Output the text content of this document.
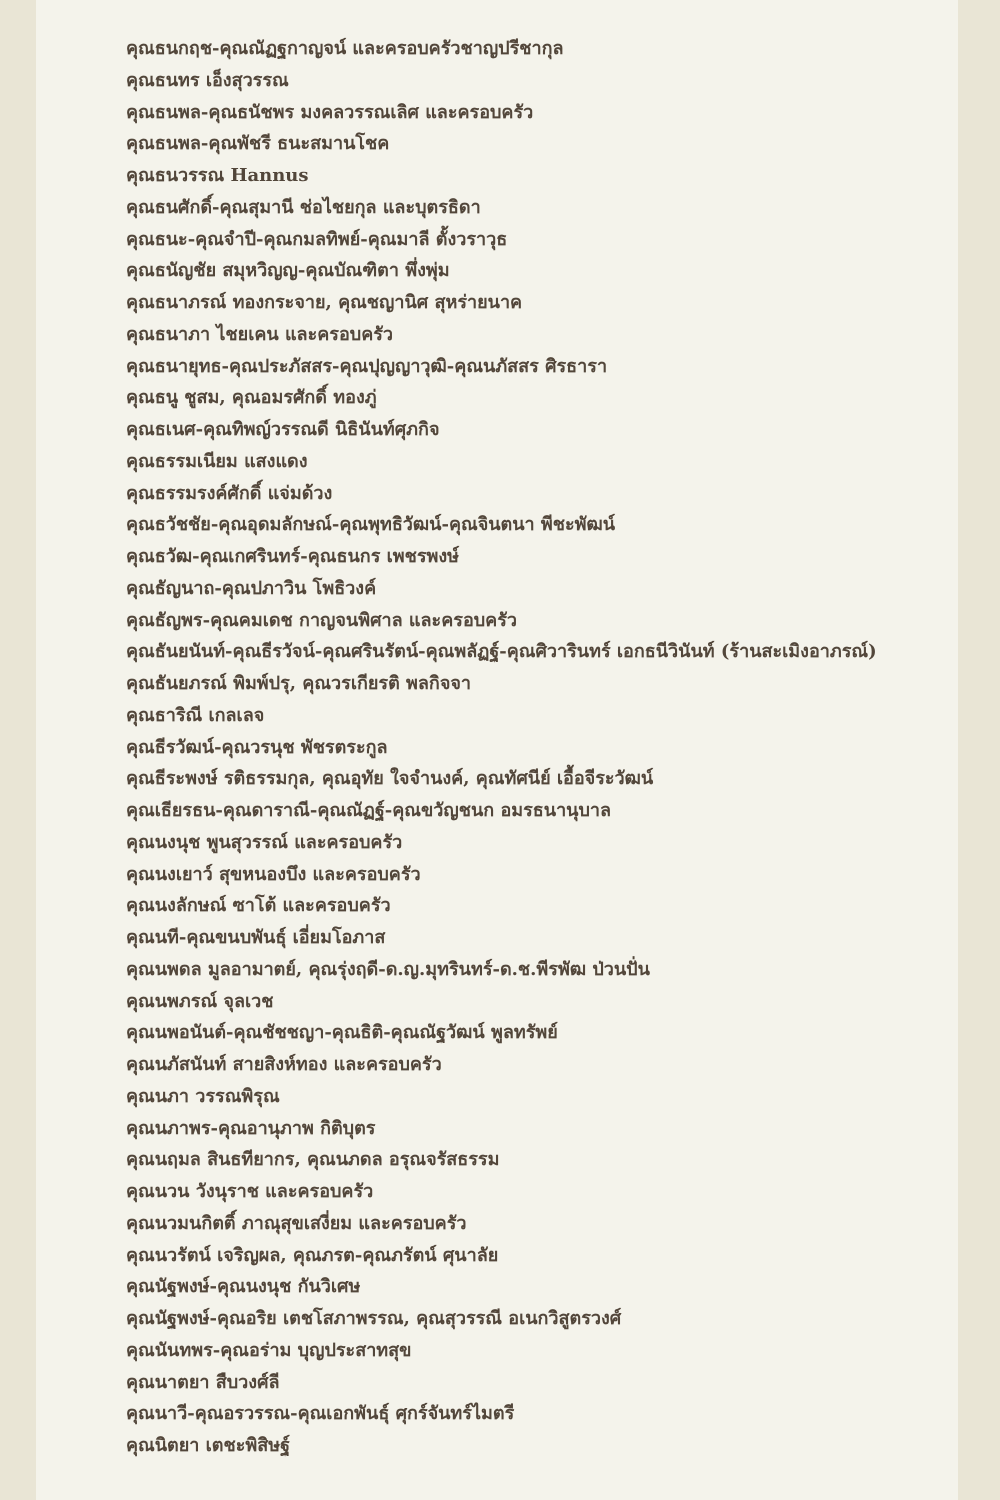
คุณธนกฤช-คุณณัฏฐกาญจน์ และครอบครัวชาญปรีชากุล
คุณธนทร เอ็งสุวรรณ
คุณธนพล-คุณธนัชพร มงคลวรรณเลิศ และครอบครัว
คุณธนพล-คุณพัชรี ธนะสมานโชค
คุณธนวรรณ Hannus
คุณธนศักดิ์-คุณสุมานี ช่อไชยกุล และบุตรธิดา
คุณธนะ-คุณจำปี-คุณกมลทิพย์-คุณมาลี ตั้งวราวุธ
คุณธนัญชัย สมุหวิญญ-คุณบัณฑิตา พึ่งพุ่ม
คุณธนาภรณ์ ทองกระจาย, คุณชญานิศ สุหร่ายนาค
คุณธนาภา ไชยเคน และครอบครัว
คุณธนายุทธ-คุณประภัสสร-คุณปุญญาวุฒิ-คุณนภัสสร ศิรธารา
คุณธนู ชูสม, คุณอมรศักดิ์ ทองภู่
คุณธเนศ-คุณทิพญ์วรรณดี นิธินันท์ศุภกิจ
คุณธรรมเนียม แสงแดง
คุณธรรมรงค์ศักดิ์ แจ่มด้วง
คุณธวัชชัย-คุณอุดมลักษณ์-คุณพุทธิวัฒน์-คุณจินตนา พีชะพัฒน์
คุณธวัฒ-คุณเกศรินทร์-คุณธนกร เพชรพงษ์
คุณธัญนาถ-คุณปภาวิน โพธิวงค์
คุณธัญพร-คุณคมเดช กาญจนพิศาล และครอบครัว
คุณธันยนันท์-คุณธีรวัจน์-คุณศรินรัตน์-คุณพลัฏฐ์-คุณศิวารินทร์ เอกธนีวินันท์ (ร้านสะเมิงอาภรณ์)
คุณธันยภรณ์ พิมพ์ปรุ, คุณวรเกียรติ พลกิจจา
คุณธาริณี เกลเลจ
คุณธีรวัฒน์-คุณวรนุช พัชรตระกูล
คุณธีระพงษ์ รติธรรมกุล, คุณอุทัย ใจจำนงค์, คุณทัศนีย์ เอื้อจีระวัฒน์
คุณเธียรธน-คุณดาราณี-คุณณัฏฐ์-คุณขวัญชนก อมรธนานุบาล
คุณนงนุช พูนสุวรรณ์ และครอบครัว
คุณนงเยาว์ สุขหนองบึง และครอบครัว
คุณนงลักษณ์ ซาโต้ และครอบครัว
คุณนที-คุณขนบพันธุ์ เอี่ยมโอภาส
คุณนพดล มูลอามาตย์, คุณรุ่งฤดี-ด.ญ.มุทรินทร์-ด.ช.พีรพัฒ ป่วนปั่น
คุณนพภรณ์ จุลเวช
คุณนพอนันต์-คุณชัชชญา-คุณธิติ-คุณณัฐวัฒน์ พูลทรัพย์
คุณนภัสนันท์ สายสิงห์ทอง และครอบครัว
คุณนภา วรรณพิรุณ
คุณนภาพร-คุณอานุภาพ กิติบุตร
คุณนฤมล สินธทียากร, คุณนภดล อรุณจรัสธรรม
คุณนวน วังนุราช และครอบครัว
คุณนวมนกิตติ์ ภาณุสุขเสงี่ยม และครอบครัว
คุณนวรัตน์ เจริญผล, คุณภรต-คุณภรัตน์ ศุนาลัย
คุณนัฐพงษ์-คุณนงนุช กันวิเศษ
คุณนัฐพงษ์-คุณอริย เตชโสภาพรรณ, คุณสุวรรณี อเนกวิสูตรวงศ์
คุณนันทพร-คุณอร่าม บุญประสาทสุข
คุณนาตยา สืบวงศ์ลี
คุณนาวี-คุณอรวรรณ-คุณเอกพันธุ์ ศุกร์จันทร์ไมตรี
คุณนิตยา เตชะพิสิษฐ์
